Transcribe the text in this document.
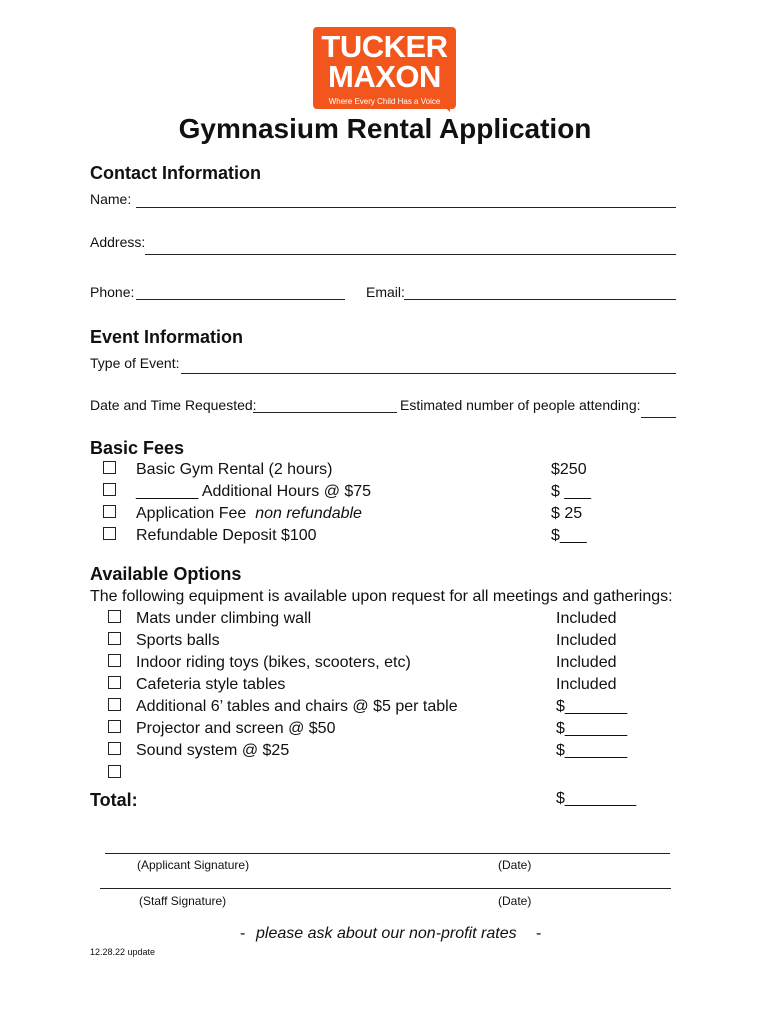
TUCKER
MAXON
Where Every Child Has a Voice
Gymnasium Rental Application
Contact Information
Name:
Address:
Phone:	Email:
Event Information
Type of Event:
Date and Time Requested:	Estimated number of people attending:
Basic Fees
Basic Gym Rental (2 hours)	$250
_______ Additional Hours @ $75	$ ___
Application Fee non refundable	$ 25
Refundable Deposit $100	$___
Available Options
The following equipment is available upon request for all meetings and gatherings:
Mats under climbing wall	Included
Sports balls	Included
Indoor riding toys (bikes, scooters, etc)	Included
Cafeteria style tables	Included
Additional 6’ tables and chairs @ $5 per table	$_______
Projector and screen @ $50	$_______
Sound system @ $25	$_______
Total:	$________
(Applicant Signature)	(Date)
(Staff Signature)	(Date)
- please ask about our non-profit rates -
12.28.22 update
